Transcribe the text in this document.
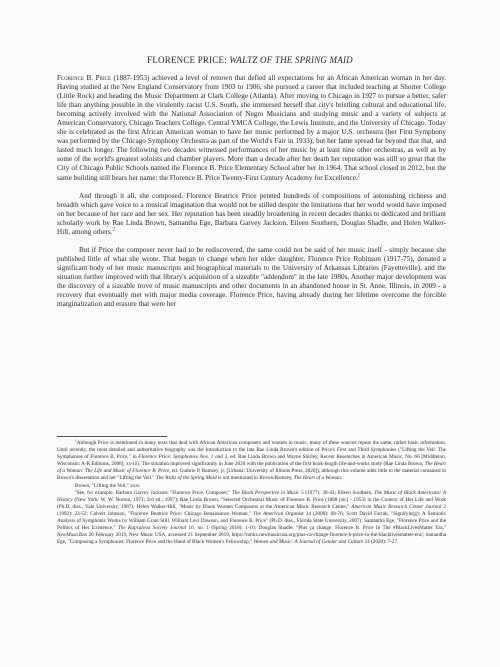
FLORENCE PRICE: WALTZ OF THE SPRING MAID

Florence B. Price (1887-1953) achieved a level of renown that defied all expectations for an African American woman in her day. Having studied at the New England Conservatory from 1903 to 1906, she pursued a career that included teaching at Shorter College (Little Rock) and heading the Music Department at Clark College (Atlanta). After moving to Chicago in 1927 to pursue a better, safer life than anything possible in the virulently racist U.S. South, she immersed herself that city's bristling cultural and educational life, becoming actively involved with the National Association of Negro Musicians and studying music and a variety of subjects at American Conservatory, Chicago Teachers College, Central YMCA College, the Lewis Institute, and the University of Chicago. Today she is celebrated as the first African American woman to have her music performed by a major U.S. orchestra (her First Symphony was performed by the Chicago Symphony Orchestra as part of the World's Fair in 1933), but her fame spread far beyond that that, and lasted much longer. The following two decades witnessed performances of her music by at least nine other orchestras, as well as by some of the world's greatest soloists and chamber players. More than a decade after her death her reputation was still so great that the City of Chicago Public Schools named the Florence B. Price Elementary School after her in 1964. That school closed in 2012, but the same building still bears her name: the Florence B. Price Twenty-First Century Academy for Excellence.$^1$

And through it all, she composed. Florence Beatrice Price penned hundreds of compositions of astonishing richness and breadth which gave voice to a musical imagination that would not be stilled despite the limitations that her world would have imposed on her because of her race and her sex. Her reputation has been steadily broadening in recent decades thanks to dedicated and brilliant scholarly work by Rae Linda Brown, Samantha Ege, Barbara Garvey Jackson, Eileen Southern, Douglas Shadle, and Helen Walker-Hill, among others.$^2$

But if Price the composer never had to be rediscovered, the same could not be said of her music itself - simply because she published little of what she wrote. That began to change when her older daughter, Florence Price Robinson (1917-75), donated a significant body of her music manuscripts and biographical materials to the University of Arkansas Libraries (Fayetteville), and the situation further improved with that library's acquisition of a sizeable "addendum" in the late 1980s. Another major development was the discovery of a sizeable trove of music manuscripts and other documents in an abandoned house in St. Anne, Illinois, in 2009 - a recovery that eventually met with major media coverage. Florence Price, having already during her lifetime overcome the forcible marginalization and erasure that were her

$^1$Although Price is mentioned in many texts that deal with African American composers and women in music, many of these sources repeat the same, rather basic information. Until recently, the most detailed and authoritative biography was the Introduction to the late Rae Linda Brown's edition of Price's First and Third Symphonies ("Lifting the Veil: The Symphonies of Florence B. Price," in Florence Price: Symphonies Nos. 1 and 3, ed. Rae Linda Brown and Wayne Shirley, Recent Researches in American Music, No. 66 [Middleton, Wisconsin: A-R Editions, 2008], xv-lii). The situation improved significantly in June 2020 with the publication of the first book-length life-and-works study (Rae Linda Brown, The Heart of a Woman: The Life and Music of Florence B. Price, ed. Guthrie P. Ramsey, jr. [Urbana: University of Illinois Press, 2020]), although this volume adds little to the material contained in Brown's dissertation and her "Lifting the Veil." The Waltz of the Spring Maid is not mentioned in Brown/Ramsey, The Heart of a Woman.

Brown, "Lifting the Veil," xxiv.

$^2$See, for example, Barbara Garvey Jackson: "Florence Price, Composer," The Black Perspective in Music 5 (1977): 30-43; Eileen Southern, The Music of Black Americans: A History (New York: W. W. Norton, 1971; 3rd ed., 1997); Rae Linda Brown, "Selected Orchestral Music of Florence B. Price (1888 [sic] - 1953) in the Context of Her Life and Work (Ph.D. diss., Yale University, 1987); Helen Walker-Hill, "Music by Black Women Composers at the American Music Research Center," American Music Research Center Journal 2 (1992): 23-52; Calvert Johnson, "Florence Beatrice Price: Chicago Renaissance Woman," The American Organist 34 (2000): 68-76; Scott David Farrah, "Signifyin(g): A Semiotic Analysis of Symphonic Works by William Grant Still, William Levi Dawson, and Florence B. Price" (Ph.D. diss., Florida State University, 2007); Samantha Ege, "Florence Price and the Politics of Her Existence," The Kapralova Society Journal 16, no. 1 (Spring 2018): 1-10; Douglas Shadle, "Plus ça change: Florence B. Price In The #BlackLivesMatter Era," NewMusicBox 20 February 2019, New Music USA, accessed 21 September 2019, https://nmbx.newmusicusa.org/plus-ca-change-florence-b-price-in-the-blacklivesmatter-era/; Samantha Ege, "Composing a Symphonist: Florence Price and the Hand of Black Women's Fellowship," Women and Music: A Journal of Gender and Culture 24 (2020): 7-27.
